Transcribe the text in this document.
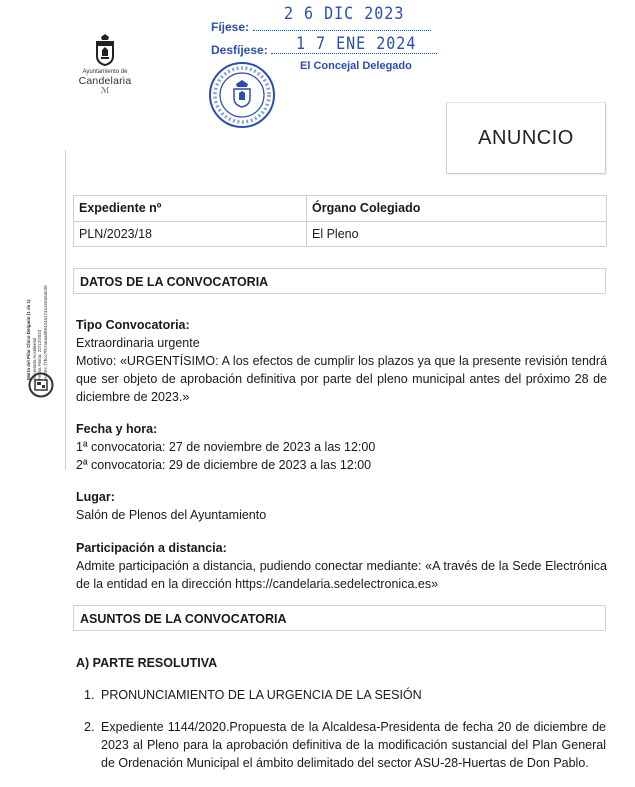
Ayuntamiento de
Candelaria
ℳ
Fíjese:
2 6 DIC 2023
Desfíjese:	1 7 ENE 2024
El Concejal Delegado
ANUNCIO
Marta del Pilar Chico Delgado (1 de 1) Secretaria Accidental Fecha Firma: 22/12/2023 HASH: f7bcc7f57a6aa5b8424a174a1e0a5a538
Expediente nº	Órgano Colegiado
PLN/2023/18	El Pleno
DATOS DE LA CONVOCATORIA
Tipo Convocatoria:
Extraordinaria urgente
Motivo: «URGENTÍSIMO: A los efectos de cumplir los plazos ya que la presente revisión tendrá que ser objeto de aprobación definitiva por parte del pleno municipal antes del próximo 28 de diciembre de 2023.»
Fecha y hora:
1ª convocatoria: 27 de noviembre de 2023 a las 12:00
2ª convocatoria: 29 de diciembre de 2023 a las 12:00
Lugar:
Salón de Plenos del Ayuntamiento
Participación a distancia:
Admite participación a distancia, pudiendo conectar mediante: «A través de la Sede Electrónica de la entidad en la dirección https://candelaria.sedelectronica.es»
ASUNTOS DE LA CONVOCATORIA
A) PARTE RESOLUTIVA
1. PRONUNCIAMIENTO DE LA URGENCIA DE LA SESIÓN
2. Expediente 1144/2020.Propuesta de la Alcaldesa-Presidenta de fecha 20 de diciembre de 2023 al Pleno para la aprobación definitiva de la modificación sustancial del Plan General de Ordenación Municipal el ámbito delimitado del sector ASU-28-Huertas de Don Pablo.
